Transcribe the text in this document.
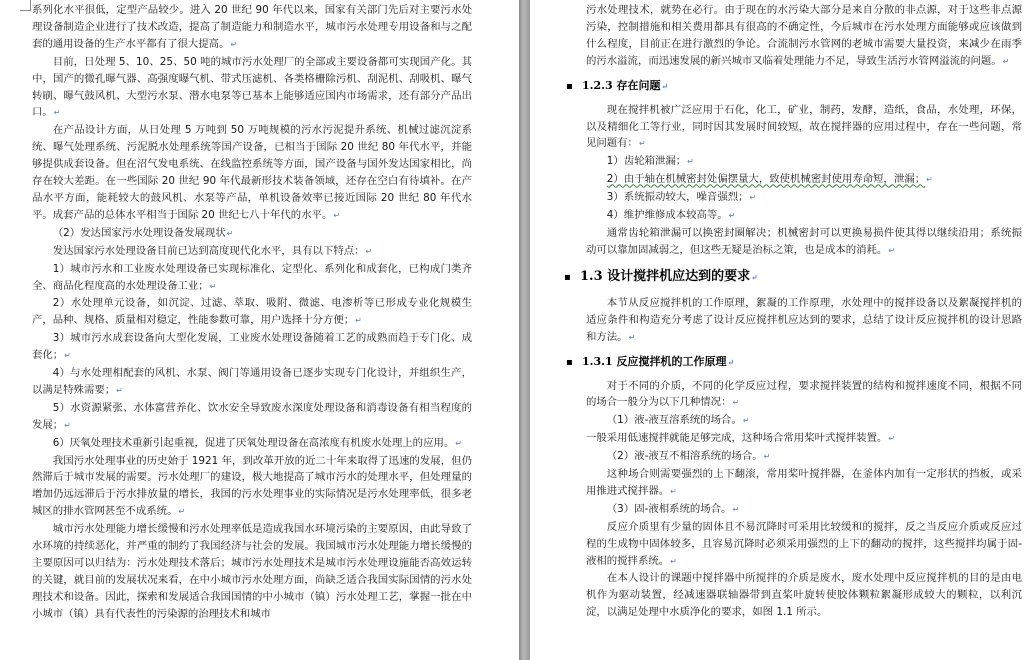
系列化水平很低，定型产品较少。进入 20 世纪 90 年代以来，国家有关部门先后对主要污水处理设备制造企业进行了技术改造，提高了制造能力和制造水平，城市污水处理专用设备和与之配套的通用设备的生产水平都有了很大提高。↵

目前，日处理 5、10、25、50 吨的城市污水处理厂的全部或主要设备都可实现国产化。其中，国产的微孔曝气器、高强度曝气机、带式压滤机、各类格栅除污机、刮泥机、刮吸机、曝气转刷、曝气鼓风机、大型污水泵、潜水电泵等已基本上能够适应国内市场需求，还有部分产品出口。↵

在产品设计方面，从日处理 5 万吨到 50 万吨规模的污水污泥提升系统、机械过滤沉淀系统、曝气处理系统、污泥脱水处理系统等国产设备，已相当于国际 20 世纪 80 年代水平，并能够提供成套设备。但在沼气发电系统、在线监控系统等方面，国产设备与国外发达国家相比，尚存在较大差距。在一些国际 20 世纪 90 年代最新形技术装备领域，还存在空白有待填补。在产品水平方面，能耗较大的鼓风机、水泵等产品，单机设备效率已接近国际 20 世纪 80 年代水平。成套产品的总体水平相当于国际 20 世纪七八十年代的水平。↵

（2）发达国家污水处理设备发展现状↵

发达国家污水处理设备目前已达到高度现代化水平，具有以下特点：↵

1）城市污水和工业废水处理设备已实现标准化、定型化、系列化和成套化，已构成门类齐全、商品化程度高的水处理设备工业；↵

2）水处理单元设备，如沉淀、过滤、萃取、吸附、微滤、电渗析等已形成专业化规模生产，品种、规格、质量相对稳定，性能参数可靠，用户选择十分方便；↵

3）城市污水成套设备向大型化发展，工业废水处理设备随着工艺的成熟而趋于专门化、成套化；↵

4）与水处理相配套的风机、水泵、阀门等通用设备已逐步实现专门化设计，并组织生产，以满足特殊需要；↵

5）水资源紧张、水体富营养化、饮水安全导致废水深度处理设备和消毒设备有相当程度的发展；↵

6）厌氧处理技术重新引起重视，促进了厌氧处理设备在高浓度有机废水处理上的应用。↵

我国污水处理事业的历史始于 1921 年，到改革开放的近二十年来取得了迅速的发展，但仍然滞后于城市发展的需要。污水处理厂的建设，极大地提高了城市污水的处理水平，但处理量的增加仍远远滞后于污水排放量的增长，我国的污水处理事业的实际情况是污水处理率低，很多老城区的排水管网甚至不成系统。↵

城市污水处理能力增长缓慢和污水处理率低是造成我国水环境污染的主要原因，由此导致了水环境的持续恶化，并严重的制约了我国经济与社会的发展。我国城市污水处理能力增长缓慢的主要原因可以归结为：污水处理技术落后；城市污水处理技术是城市污水处理设施能否高效运转的关键，就目前的发展状况来看，在中小城市污水处理方面，尚缺乏适合我国实际国情的污水处理技术和设备。因此，探索和发展适合我国国情的中小城市（镇）污水处理工艺，掌握一批在中小城市（镇）具有代表性的污染源的治理技术和城市

污水处理技术，就势在必行。由于现在的水污染大部分是来自分散的非点源，对于这些非点源污染，控制措施和相关费用都具有很高的不确定性，今后城市在污水处理方面能够或应该做到什么程度，目前正在进行激烈的争论。合流制污水管网的老城市需要大量投资，来减少在雨季的污水溢流，而迅速发展的新兴城市又临着处理能力不足，导致生活污水管网溢流的问题。↵

▪ 1.2.3 存在问题↵

现在搅拌机被广泛应用于石化，化工，矿业，制药，发酵，造纸，食品，水处理，环保，以及精细化工等行业，同时因其发展时间较短，故在搅拌器的应用过程中，存在一些问题，常见问题有：↵

1）齿轮箱泄漏；↵

2）由于轴在机械密封处偏摆量大，致使机械密封使用寿命短，泄漏；↵

3）系统振动较大，噪音强烈；↵

4）维护维修成本较高等。↵

通常齿轮箱泄漏可以换密封圈解决；机械密封可以更换易损件使其得以继续沿用；系统振动可以靠加固减弱之，但这些无疑是治标之策，也是成本的消耗。↵

▪ 1.3 设计搅拌机应达到的要求↵

本节从反应搅拌机的工作原理，絮凝的工作原理，水处理中的搅拌设备以及絮凝搅拌机的适应条件和构造充分考虑了设计反应搅拌机应达到的要求，总结了设计反应搅拌机的设计思路和方法。↵

▪ 1.3.1 反应搅拌机的工作原理↵

对于不同的介质，不同的化学反应过程，要求搅拌装置的结构和搅拌速度不同，根据不同的场合一般分为以下几种情况：↵

（1）液-液互溶系统的场合。↵

一般采用低速搅拌就能足够完成，这种场合常用桨叶式搅拌装置。↵

（2）液-液互不相溶系统的场合。↵

这种场合则需要强烈的上下翻滚，常用桨叶搅拌器，在釜体内加有一定形状的挡板，或采用推进式搅拌器。↵

（3）固-液相系统的场合。↵

反应介质里有少量的固体且不易沉降时可采用比较缓和的搅拌，反之当反应介质或反应过程的生成物中固体较多，且容易沉降时必须采用强烈的上下的翻动的搅拌，这些搅拌均属于固-液相的搅拌系统。↵

在本人设计的课题中搅拌器中所搅拌的介质是废水，废水处理中反应搅拌机的目的是由电机作为驱动装置，经减速器联轴器带到直桨叶旋转使胶体颗粒絮凝形成较大的颗粒，以利沉淀，以满足处理中水质净化的要求，如图 1.1 所示。
